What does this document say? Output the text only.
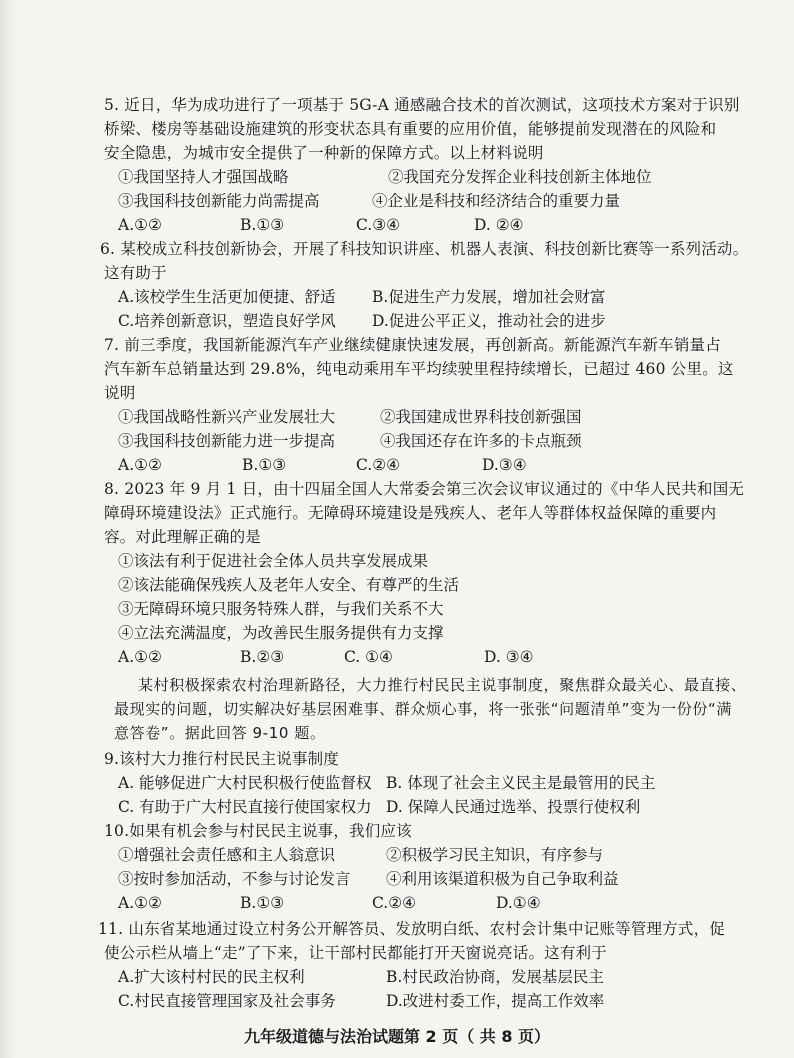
5. 近日，华为成功进行了一项基于 5G-A 通感融合技术的首次测试，这项技术方案对于识别
桥梁、楼房等基础设施建筑的形变状态具有重要的应用价值，能够提前发现潜在的风险和
安全隐患，为城市安全提供了一种新的保障方式。以上材料说明
①我国坚持人才强国战略	②我国充分发挥企业科技创新主体地位
③我国科技创新能力尚需提高	④企业是科技和经济结合的重要力量
A.①②	B.①③	C.③④	D. ②④
6. 某校成立科技创新协会，开展了科技知识讲座、机器人表演、科技创新比赛等一系列活动。
这有助于
A.该校学生生活更加便捷、舒适 B.促进生产力发展，增加社会财富
C.培养创新意识，塑造良好学风 D.促进公平正义，推动社会的进步
7. 前三季度，我国新能源汽车产业继续健康快速发展，再创新高。新能源汽车新车销量占
汽车新车总销量达到 29.8%，纯电动乘用车平均续驶里程持续增长，已超过 460 公里。这
说明
①我国战略性新兴产业发展壮大	②我国建成世界科技创新强国
③我国科技创新能力进一步提高	④我国还存在许多的卡点瓶颈
A.①②	B.①③	C.②④	D.③④
8. 2023 年 9 月 1 日，由十四届全国人大常委会第三次会议审议通过的《中华人民共和国无
障碍环境建设法》正式施行。无障碍环境建设是残疾人、老年人等群体权益保障的重要内
容。对此理解正确的是
①该法有利于促进社会全体人员共享发展成果
②该法能确保残疾人及老年人安全、有尊严的生活
③无障碍环境只服务特殊人群，与我们关系不大
④立法充满温度，为改善民生服务提供有力支撑
A.①②	B.②③	C. ①④	D. ③④
某村积极探索农村治理新路径，大力推行村民民主说事制度，聚焦群众最关心、最直接、
最现实的问题，切实解决好基层困难事、群众烦心事，将一张张“问题清单”变为一份份“满
意答卷”。据此回答 9-10 题。
9.该村大力推行村民民主说事制度
A. 能够促进广大村民积极行使监督权 B. 体现了社会主义民主是最管用的民主
C. 有助于广大村民直接行使国家权力 D. 保障人民通过选举、投票行使权利
10.如果有机会参与村民民主说事，我们应该
①增强社会责任感和主人翁意识	②积极学习民主知识，有序参与
③按时参加活动，不参与讨论发言 ④利用该渠道积极为自己争取利益
A.①②	B.①③	C.②④	D.①④
11. 山东省某地通过设立村务公开解答员、发放明白纸、农村会计集中记账等管理方式，促
使公示栏从墙上“走”了下来，让干部村民都能打开天窗说亮话。这有利于
A.扩大该村村民的民主权利	B.村民政治协商，发展基层民主
C.村民直接管理国家及社会事务	D.改进村委工作，提高工作效率
九年级道德与法治试题第 2 页（ 共 8 页）
